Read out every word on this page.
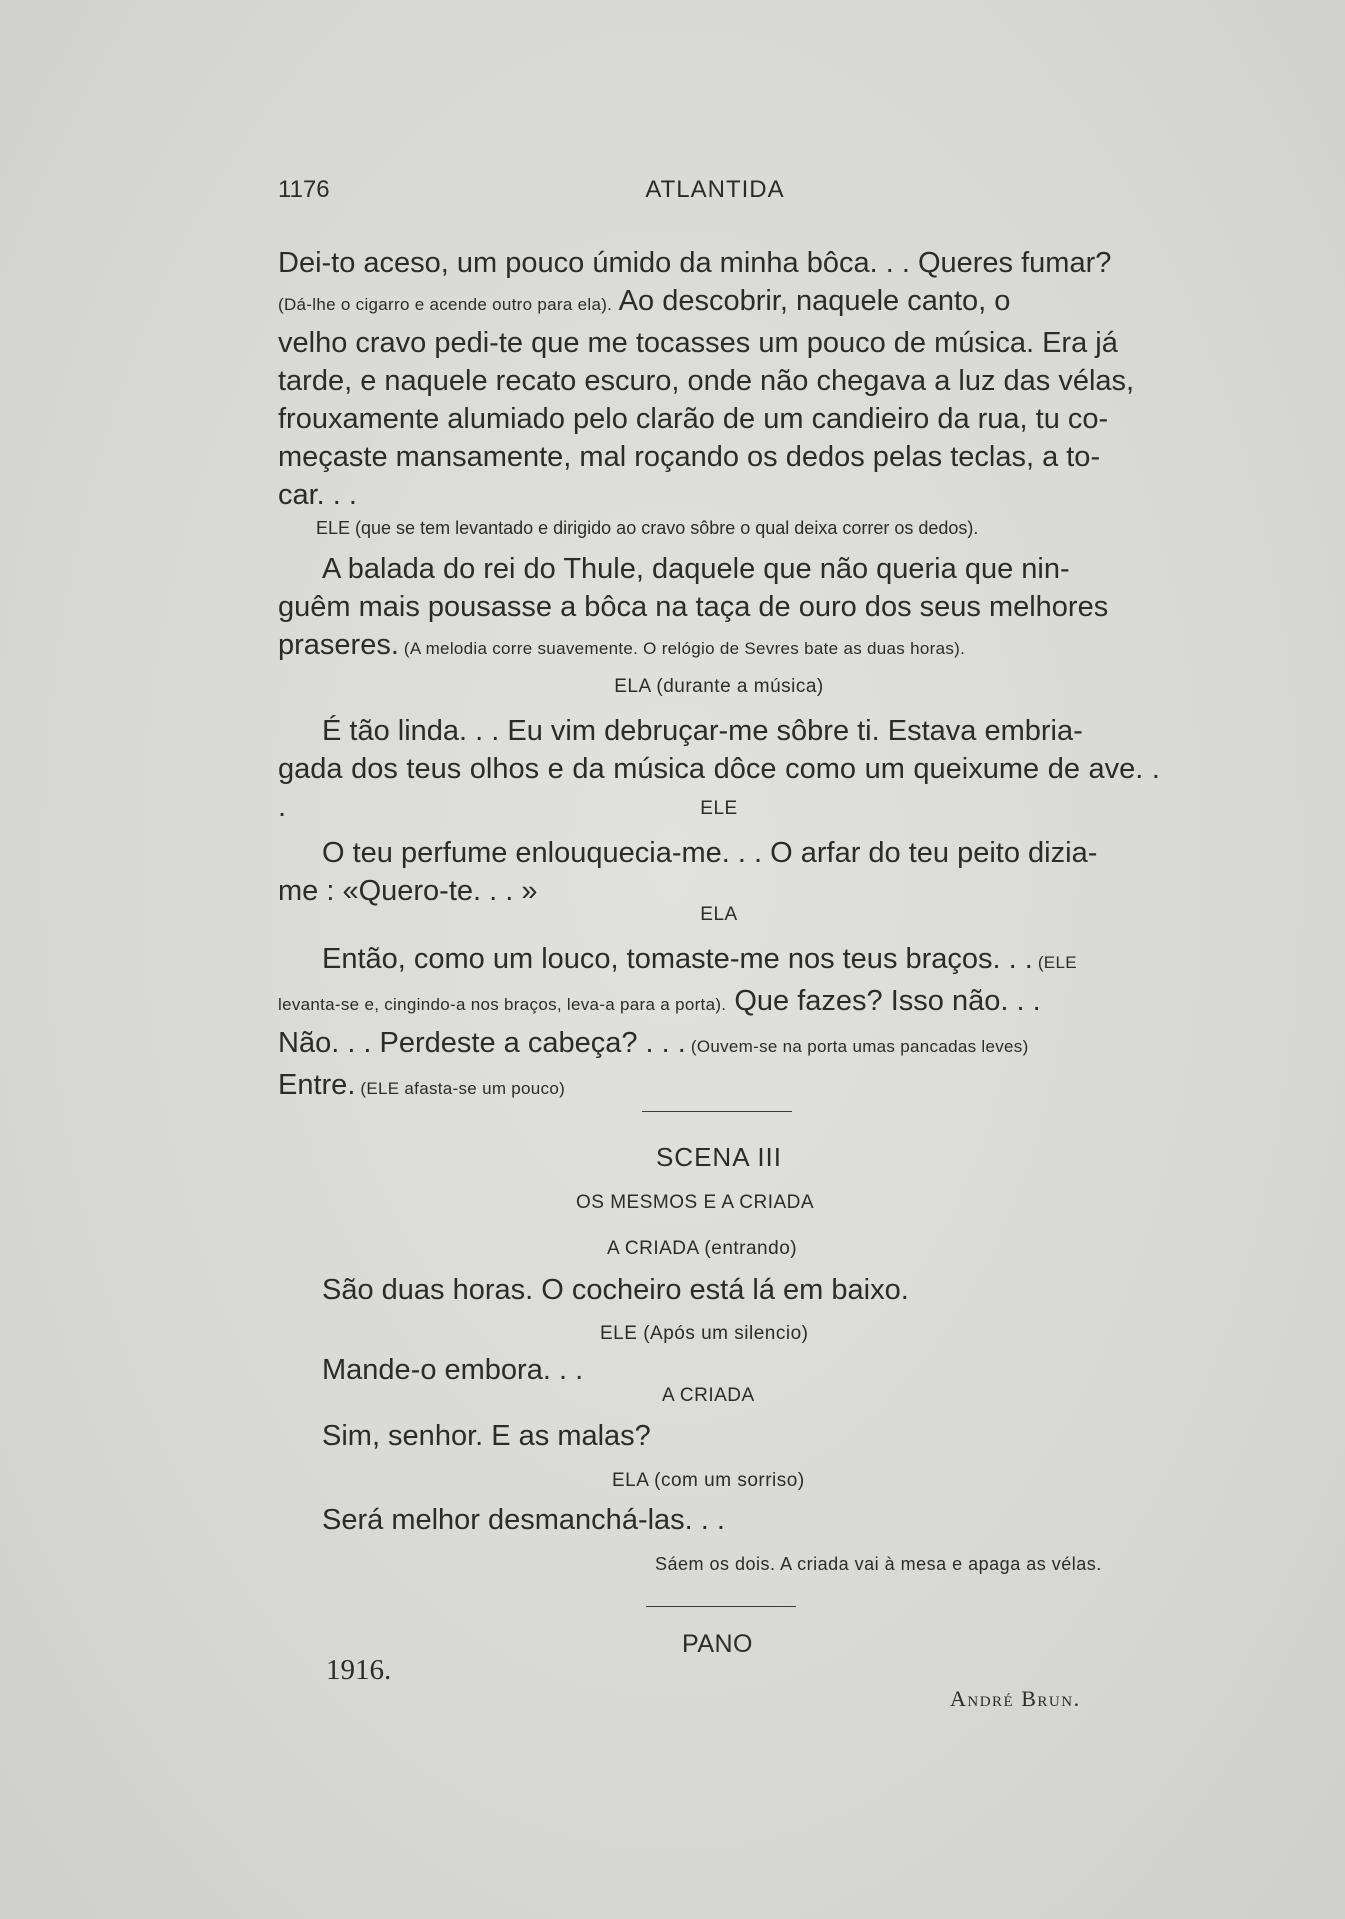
1176	ATLANTIDA

Dei-to aceso, um pouco úmido da minha bôca. . . Queres fumar?

(Dá-lhe o cigarro e acende outro para ela). Ao descobrir, naquele canto, o

velho cravo pedi-te que me tocasses um pouco de música. Era já

tarde, e naquele recato escuro, onde não chegava a luz das vélas,

frouxamente alumiado pelo clarão de um candieiro da rua, tu co-

meçaste mansamente, mal roçando os dedos pelas teclas, a to-

car. . .

ELE (que se tem levantado e dirigido ao cravo sôbre o qual deixa correr os dedos).

A balada do rei do Thule, daquele que não queria que nin-

guêm mais pousasse a bôca na taça de ouro dos seus melhores

praseres. (A melodia corre suavemente. O relógio de Sevres bate as duas horas).

ELA (durante a música)

É tão linda. . . Eu vim debruçar-me sôbre ti. Estava embria-

gada dos teus olhos e da música dôce como um queixume de ave. . .	ELE

O teu perfume enlouquecia-me. . . O arfar do teu peito dizia-

me : «Quero-te. . . »

ELA

Então, como um louco, tomaste-me nos teus braços. . . (ELE

levanta-se e, cingindo-a nos braços, leva-a para a porta). Que fazes? Isso não. . .

Não. . . Perdeste a cabeça? . . . (Ouvem-se na porta umas pancadas leves)

Entre. (ELE afasta-se um pouco)

SCENA III
OS MESMOS E A CRIADA
A CRIADA (entrando)
São duas horas. O cocheiro está lá em baixo.
ELE (Após um silencio)
Mande-o embora. . .
A CRIADA
Sim, senhor. E as malas?
ELA (com um sorriso)
Será melhor desmanchá-las. . .
Sáem os dois. A criada vai à mesa e apaga as vélas.
PANO
1916.
André Brun.
